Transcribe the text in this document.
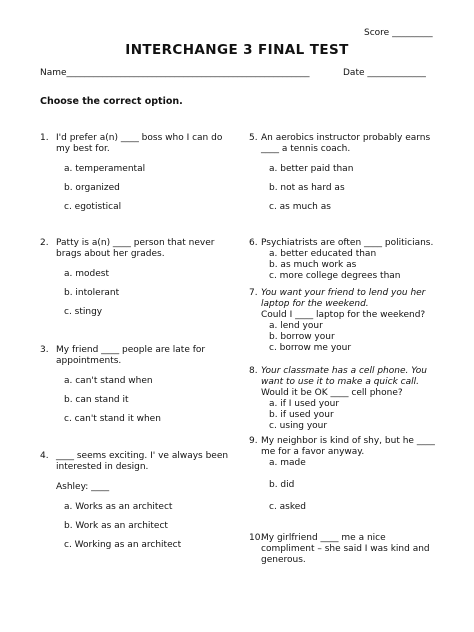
Score _________
INTERCHANGE 3 FINAL TEST
Name______________________________________________________	Date _____________
Choose the correct option.
1. I'd prefer a(n) ____ boss who I can do
my best for.
a. temperamental
b. organized
c. egotistical
2. Patty is a(n) ____ person that never
brags about her grades.
a. modest
b. intolerant
c. stingy
3. My friend ____ people are late for
appointments.
a. can't stand when
b. can stand it
c. can't stand it when
4. ____ seems exciting. I' ve always been
interested in design.
Ashley: ____
a. Works as an architect
b. Work as an architect
c. Working as an architect
5. An aerobics instructor probably earns
____ a tennis coach.
a. better paid than
b. not as hard as
c. as much as
6. Psychiatrists are often ____ politicians.
a. better educated than
b. as much work as
c. more college degrees than
7. You want your friend to lend you her
laptop for the weekend.
Could I ____ laptop for the weekend?
a. lend your
b. borrow your
c. borrow me your
8. Your classmate has a cell phone. You
want to use it to make a quick call.
Would it be OK ____ cell phone?
a. if I used your
b. if used your
c. using your
9. My neighbor is kind of shy, but he ____
me for a favor anyway.
a. made
b. did
c. asked
10.
My girlfriend ____ me a nice
compliment – she said I was kind and
generous.
